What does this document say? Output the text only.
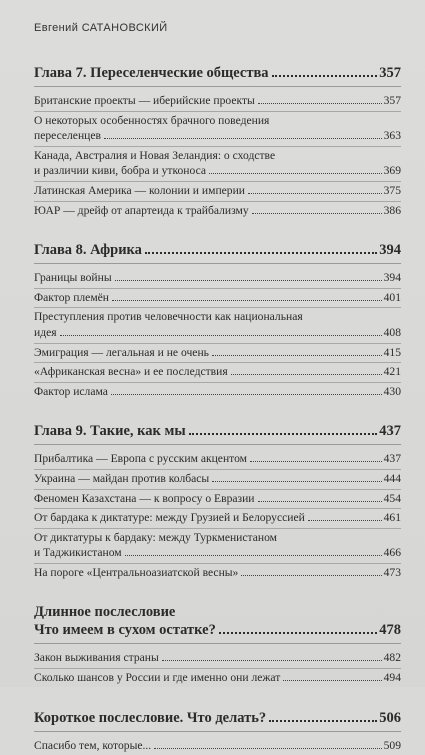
Евгений САТАНОВСКИЙ
Глава 7. Переселенческие общества	357
Британские проекты — иберийские проекты	357
О некоторых особенностях брачного поведения
переселенцев	363
Канада, Австралия и Новая Зеландия: о сходстве
и различии киви, бобра и утконоса	369
Латинская Америка — колонии и империи	375
ЮАР — дрейф от апартеида к трайбализму	386
Глава 8. Африка	394
Границы войны	394
Фактор племён	401
Преступления против человечности как национальная
идея	408
Эмиграция — легальная и не очень	415
«Африканская весна» и ее последствия	421
Фактор ислама	430
Глава 9. Такие, как мы	437
Прибалтика — Европа с русским акцентом	437
Украина — майдан против колбасы	444
Феномен Казахстана — к вопросу о Евразии	454
От бардака к диктатуре: между Грузией и Белоруссией	461
От диктатуры к бардаку: между Туркменистаном
и Таджикистаном	466
На пороге «Центральноазиатской весны»	473
Длинное послесловие
Что имеем в сухом остатке?	478
Закон выживания страны	482
Сколько шансов у России и где именно они лежат	494
Короткое послесловие. Что делать?	506
Спасибо тем, которые...	509
